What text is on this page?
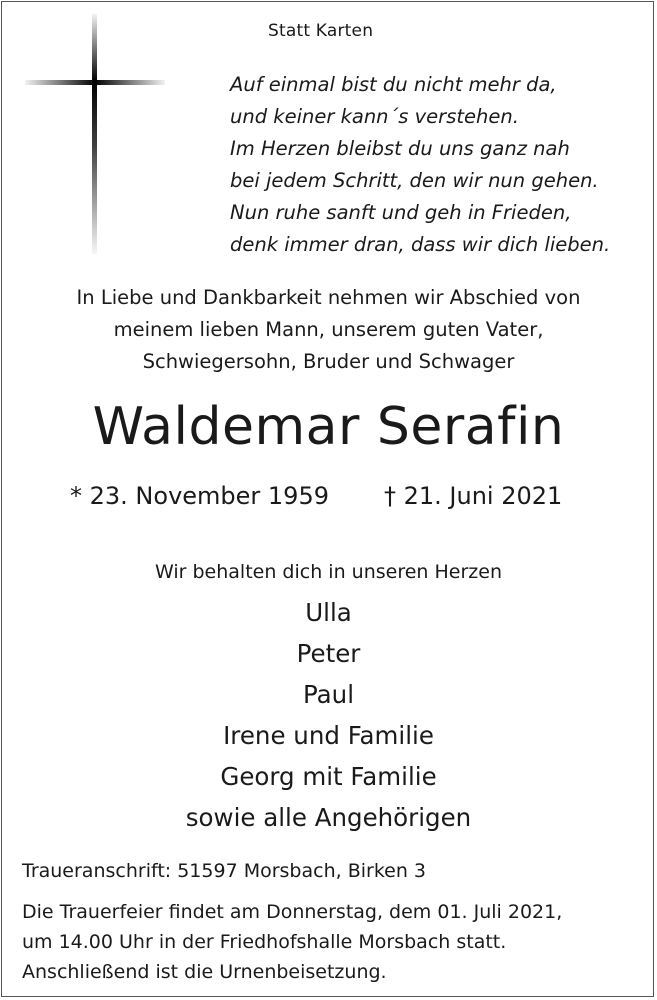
Statt Karten
Auf einmal bist du nicht mehr da,
und keiner kann´s verstehen.
Im Herzen bleibst du uns ganz nah
bei jedem Schritt, den wir nun gehen.
Nun ruhe sanft und geh in Frieden,
denk immer dran, dass wir dich lieben.
In Liebe und Dankbarkeit nehmen wir Abschied von
meinem lieben Mann, unserem guten Vater,
Schwiegersohn, Bruder und Schwager
Waldemar Serafin
* 23. November 1959 † 21. Juni 2021
Wir behalten dich in unseren Herzen
Ulla
Peter
Paul
Irene und Familie
Georg mit Familie
sowie alle Angehörigen
Traueranschrift: 51597 Morsbach, Birken 3
Die Trauerfeier findet am Donnerstag, dem 01. Juli 2021,
um 14.00 Uhr in der Friedhofshalle Morsbach statt.
Anschließend ist die Urnenbeisetzung.
